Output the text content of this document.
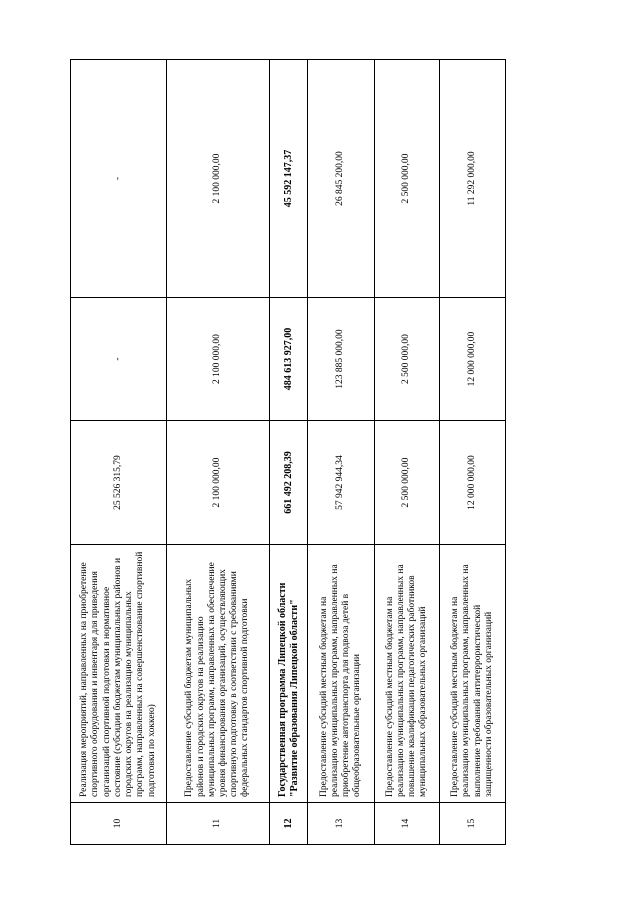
10	Реализация мероприятий, направленных на приобретение спортивного оборудования и инвентаря для приведения организаций спортивной подготовки в нормативное состояние (субсидии бюджетам муниципальных районов и городских округов на реализацию муниципальных программ, направленных на совершенствование спортивной подготовки по хоккею)	25 526 315,79	-	-
11	Предоставление субсидий бюджетам муниципальных районов и городских округов на реализацию муниципальных программ, направленных на обеспечение уровня финансирования организаций, осуществляющих спортивную подготовку в соответствии с требованиями федеральных стандартов спортивной подготовки	2 100 000,00	2 100 000,00	2 100 000,00
12	Государственная программа Липецкой области "Развитие образования Липецкой области"	661 492 208,39	484 613 927,00	45 592 147,37
13	Предоставление субсидий местным бюджетам на реализацию муниципальных программ, направленных на приобретение автотранспорта для подвоза детей в общеобразовательные организации	57 942 944,34	123 885 000,00	26 845 200,00
14	Предоставление субсидий местным бюджетам на реализацию муниципальных программ, направленных на повышение квалификации педагогических работников муниципальных образовательных организаций	2 500 000,00	2 500 000,00	2 500 000,00
15	Предоставление субсидий местным бюджетам на реализацию муниципальных программ, направленных на выполнение требований антитеррористической защищенности образовательных организаций	12 000 000,00	12 000 000,00	11 292 000,00
